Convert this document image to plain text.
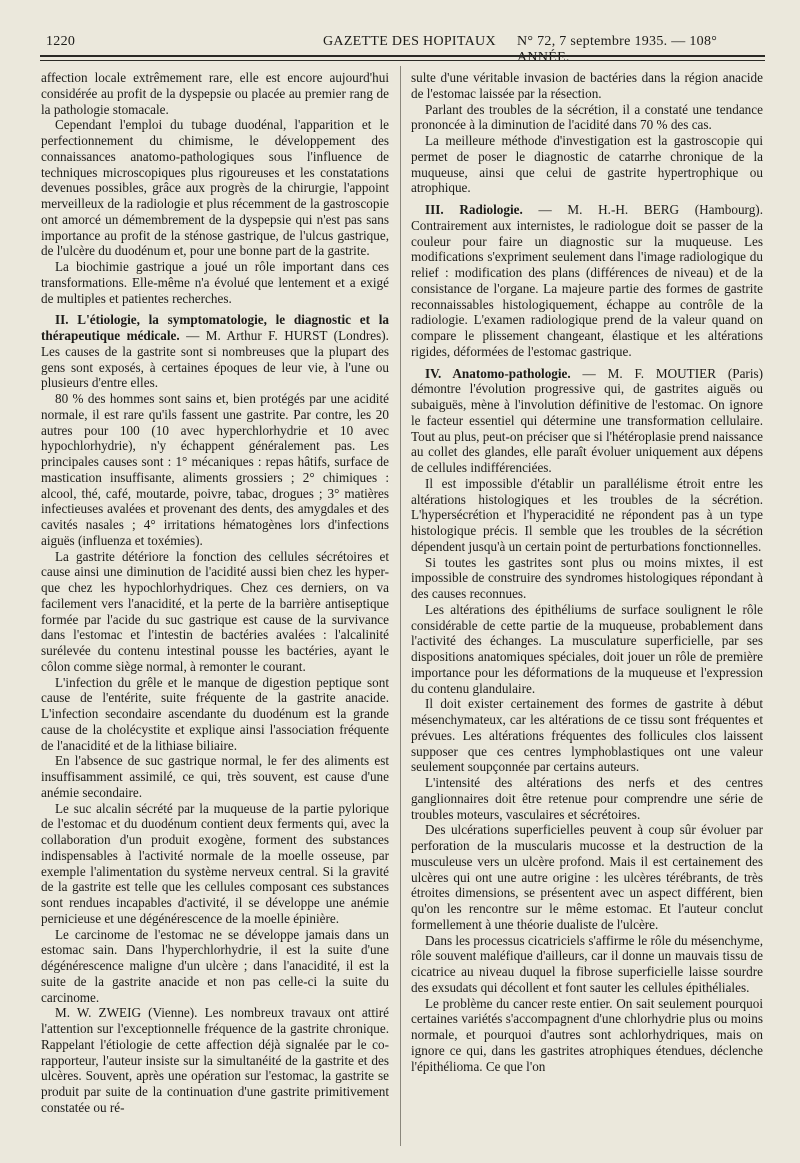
1220	GAZETTE DES HOPITAUX N° 72, 7 septembre 1935. — 108° ANNÉE.

affection locale extrêmement rare, elle est encore aujourd'hui considérée au profit de la dyspepsie ou placée au premier rang de la pathologie stomacale.

Cependant l'emploi du tubage duodénal, l'apparition et le perfectionnement du chimisme, le développement des connaissances anatomo-pathologiques sous l'influence de techniques microscopiques plus rigoureuses et les constatations devenues possibles, grâce aux progrès de la chirurgie, l'appoint merveilleux de la radiologie et plus récemment de la gastroscopie ont amorcé un démembrement de la dyspepsie qui n'est pas sans importance au profit de la sténose gastrique, de l'ulcus gastrique, de l'ulcère du duodénum et, pour une bonne part de la gastrite.

La biochimie gastrique a joué un rôle important dans ces transformations. Elle-même n'a évolué que lentement et a exigé de multiples et patientes recherches.

II. L'étiologie, la symptomatologie, le diagnostic et la thérapeutique médicale. — M. Arthur F. HURST (Londres). Les causes de la gastrite sont si nombreuses que la plupart des gens sont exposés, à certaines époques de leur vie, à l'une ou plusieurs d'entre elles.

80 % des hommes sont sains et, bien protégés par une acidité normale, il est rare qu'ils fassent une gastrite. Par contre, les 20 autres pour 100 (10 avec hyperchlorhydrie et 10 avec hypochlorhydrie), n'y échappent généralement pas. Les principales causes sont : 1° mécaniques : repas hâtifs, surface de mastication insuffisante, aliments grossiers ; 2° chimiques : alcool, thé, café, moutarde, poivre, tabac, drogues ; 3° matières infectieuses avalées et provenant des dents, des amygdales et des cavités nasales ; 4° irritations hématogènes lors d'infections aiguës (influenza et toxémies).

La gastrite détériore la fonction des cellules sécrétoires et cause ainsi une diminution de l'acidité aussi bien chez les hyper- que chez les hypochlorhydriques. Chez ces derniers, on va facilement vers l'anacidité, et la perte de la barrière antiseptique formée par l'acide du suc gastrique est cause de la survivance dans l'estomac et l'intestin de bactéries avalées : l'alcalinité surélevée du contenu intestinal pousse les bactéries, ayant le côlon comme siège normal, à remonter le courant.

L'infection du grêle et le manque de digestion peptique sont cause de l'entérite, suite fréquente de la gastrite anacide. L'infection secondaire ascendante du duodénum est la grande cause de la cholécystite et explique ainsi l'association fréquente de l'anacidité et de la lithiase biliaire.

En l'absence de suc gastrique normal, le fer des aliments est insuffisamment assimilé, ce qui, très souvent, est cause d'une anémie secondaire.

Le suc alcalin sécrété par la muqueuse de la partie pylorique de l'estomac et du duodénum contient deux ferments qui, avec la collaboration d'un produit exogène, forment des substances indispensables à l'activité normale de la moelle osseuse, par exemple l'alimentation du système nerveux central. Si la gravité de la gastrite est telle que les cellules composant ces substances sont rendues incapables d'activité, il se développe une anémie pernicieuse et une dégénérescence de la moelle épinière.

Le carcinome de l'estomac ne se développe jamais dans un estomac sain. Dans l'hyperchlorhydrie, il est la suite d'une dégénérescence maligne d'un ulcère ; dans l'anacidité, il est la suite de la gastrite anacide et non pas celle-ci la suite du carcinome.

M. W. ZWEIG (Vienne). Les nombreux travaux ont attiré l'attention sur l'exceptionnelle fréquence de la gastrite chronique. Rappelant l'étiologie de cette affection déjà signalée par le co-rapporteur, l'auteur insiste sur la simultanéité de la gastrite et des ulcères. Souvent, après une opération sur l'estomac, la gastrite se produit par suite de la continuation d'une gastrite primitivement constatée ou ré-

sulte d'une véritable invasion de bactéries dans la région anacide de l'estomac laissée par la résection.

Parlant des troubles de la sécrétion, il a constaté une tendance prononcée à la diminution de l'acidité dans 70 % des cas.

La meilleure méthode d'investigation est la gastroscopie qui permet de poser le diagnostic de catarrhe chronique de la muqueuse, ainsi que celui de gastrite hypertrophique ou atrophique.

III. Radiologie. — M. H.-H. BERG (Hambourg). Contrairement aux internistes, le radiologue doit se passer de la couleur pour faire un diagnostic sur la muqueuse. Les modifications s'expriment seulement dans l'image radiologique du relief : modification des plans (différences de niveau) et de la consistance de l'organe. La majeure partie des formes de gastrite reconnaissables histologiquement, échappe au contrôle de la radiologie. L'examen radiologique prend de la valeur quand on compare le plissement changeant, élastique et les altérations rigides, déformées de l'estomac gastrique.

IV. Anatomo-pathologie. — M. F. MOUTIER (Paris) démontre l'évolution progressive qui, de gastrites aiguës ou subaiguës, mène à l'involution définitive de l'estomac. On ignore le facteur essentiel qui détermine une transformation cellulaire. Tout au plus, peut-on préciser que si l'hétéroplasie prend naissance au collet des glandes, elle paraît évoluer uniquement aux dépens de cellules indifférenciées.

Il est impossible d'établir un parallélisme étroit entre les altérations histologiques et les troubles de la sécrétion. L'hypersécrétion et l'hyperacidité ne répondent pas à un type histologique précis. Il semble que les troubles de la sécrétion dépendent jusqu'à un certain point de perturbations fonctionnelles.

Si toutes les gastrites sont plus ou moins mixtes, il est impossible de construire des syndromes histologiques répondant à des causes reconnues.

Les altérations des épithéliums de surface soulignent le rôle considérable de cette partie de la muqueuse, probablement dans l'activité des échanges. La musculature superficielle, par ses dispositions anatomiques spéciales, doit jouer un rôle de première importance pour les déformations de la muqueuse et l'expression du contenu glandulaire.

Il doit exister certainement des formes de gastrite à début mésenchymateux, car les altérations de ce tissu sont fréquentes et prévues. Les altérations fréquentes des follicules clos laissent supposer que ces centres lymphoblastiques ont une valeur seulement soupçonnée par certains auteurs.

L'intensité des altérations des nerfs et des centres ganglionnaires doit être retenue pour comprendre une série de troubles moteurs, vasculaires et sécrétoires.

Des ulcérations superficielles peuvent à coup sûr évoluer par perforation de la muscularis mucosse et la destruction de la musculeuse vers un ulcère profond. Mais il est certainement des ulcères qui ont une autre origine : les ulcères térébrants, de très étroites dimensions, se présentent avec un aspect différent, bien qu'on les rencontre sur le même estomac. Et l'auteur conclut formellement à une théorie dualiste de l'ulcère.

Dans les processus cicatriciels s'affirme le rôle du mésenchyme, rôle souvent maléfique d'ailleurs, car il donne un mauvais tissu de cicatrice au niveau duquel la fibrose superficielle laisse sourdre des exsudats qui décollent et font sauter les cellules épithéliales.

Le problème du cancer reste entier. On sait seulement pourquoi certaines variétés s'accompagnent d'une chlorhydrie plus ou moins normale, et pourquoi d'autres sont achlorhydriques, mais on ignore ce qui, dans les gastrites atrophiques étendues, déclenche l'épithélioma. Ce que l'on
